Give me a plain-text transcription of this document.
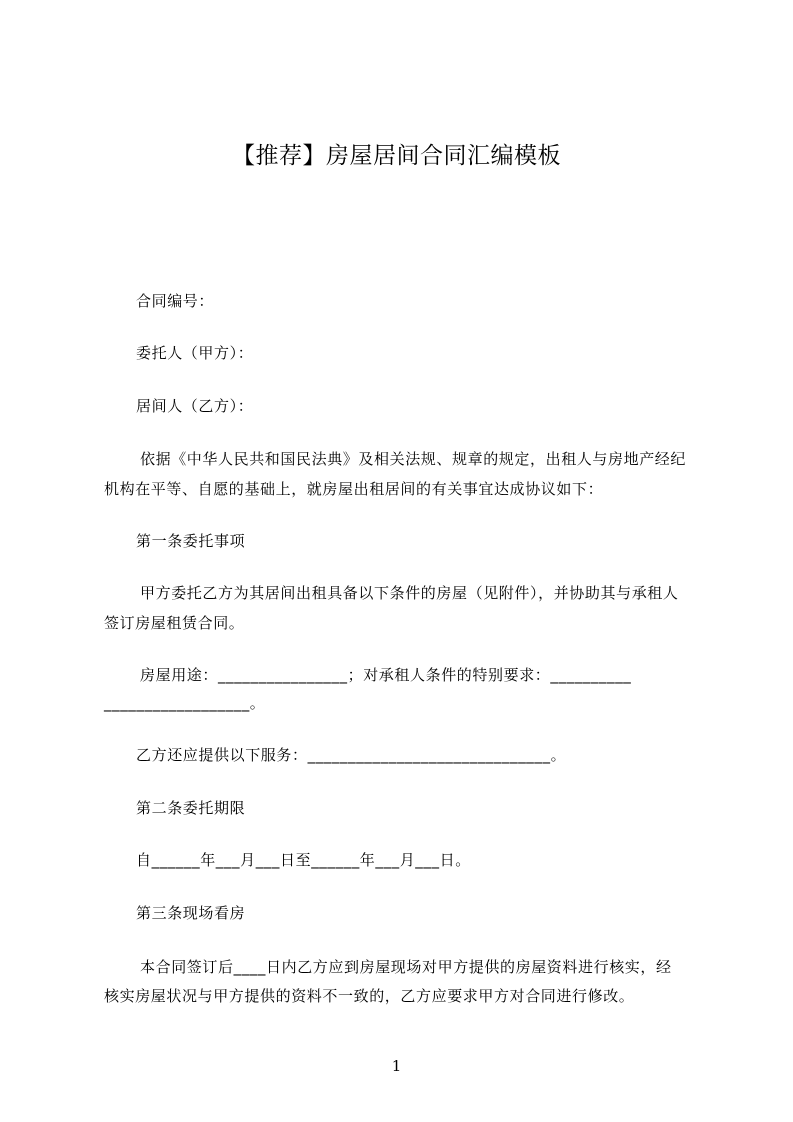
【推荐】房屋居间合同汇编模板
合同编号：
委托人（甲方）：
居间人（乙方）：
依据《中华人民共和国民法典》及相关法规、规章的规定，出租人与房地产经纪
机构在平等、自愿的基础上，就房屋出租居间的有关事宜达成协议如下：
第一条委托事项
甲方委托乙方为其居间出租具备以下条件的房屋（见附件），并协助其与承租人
签订房屋租赁合同。
房屋用途：________________；对承租人条件的特别要求：__________
__________________。
乙方还应提供以下服务：______________________________。
第二条委托期限
自______年___月___日至______年___月___日。
第三条现场看房
本合同签订后____日内乙方应到房屋现场对甲方提供的房屋资料进行核实，经
核实房屋状况与甲方提供的资料不一致的，乙方应要求甲方对合同进行修改。
1
